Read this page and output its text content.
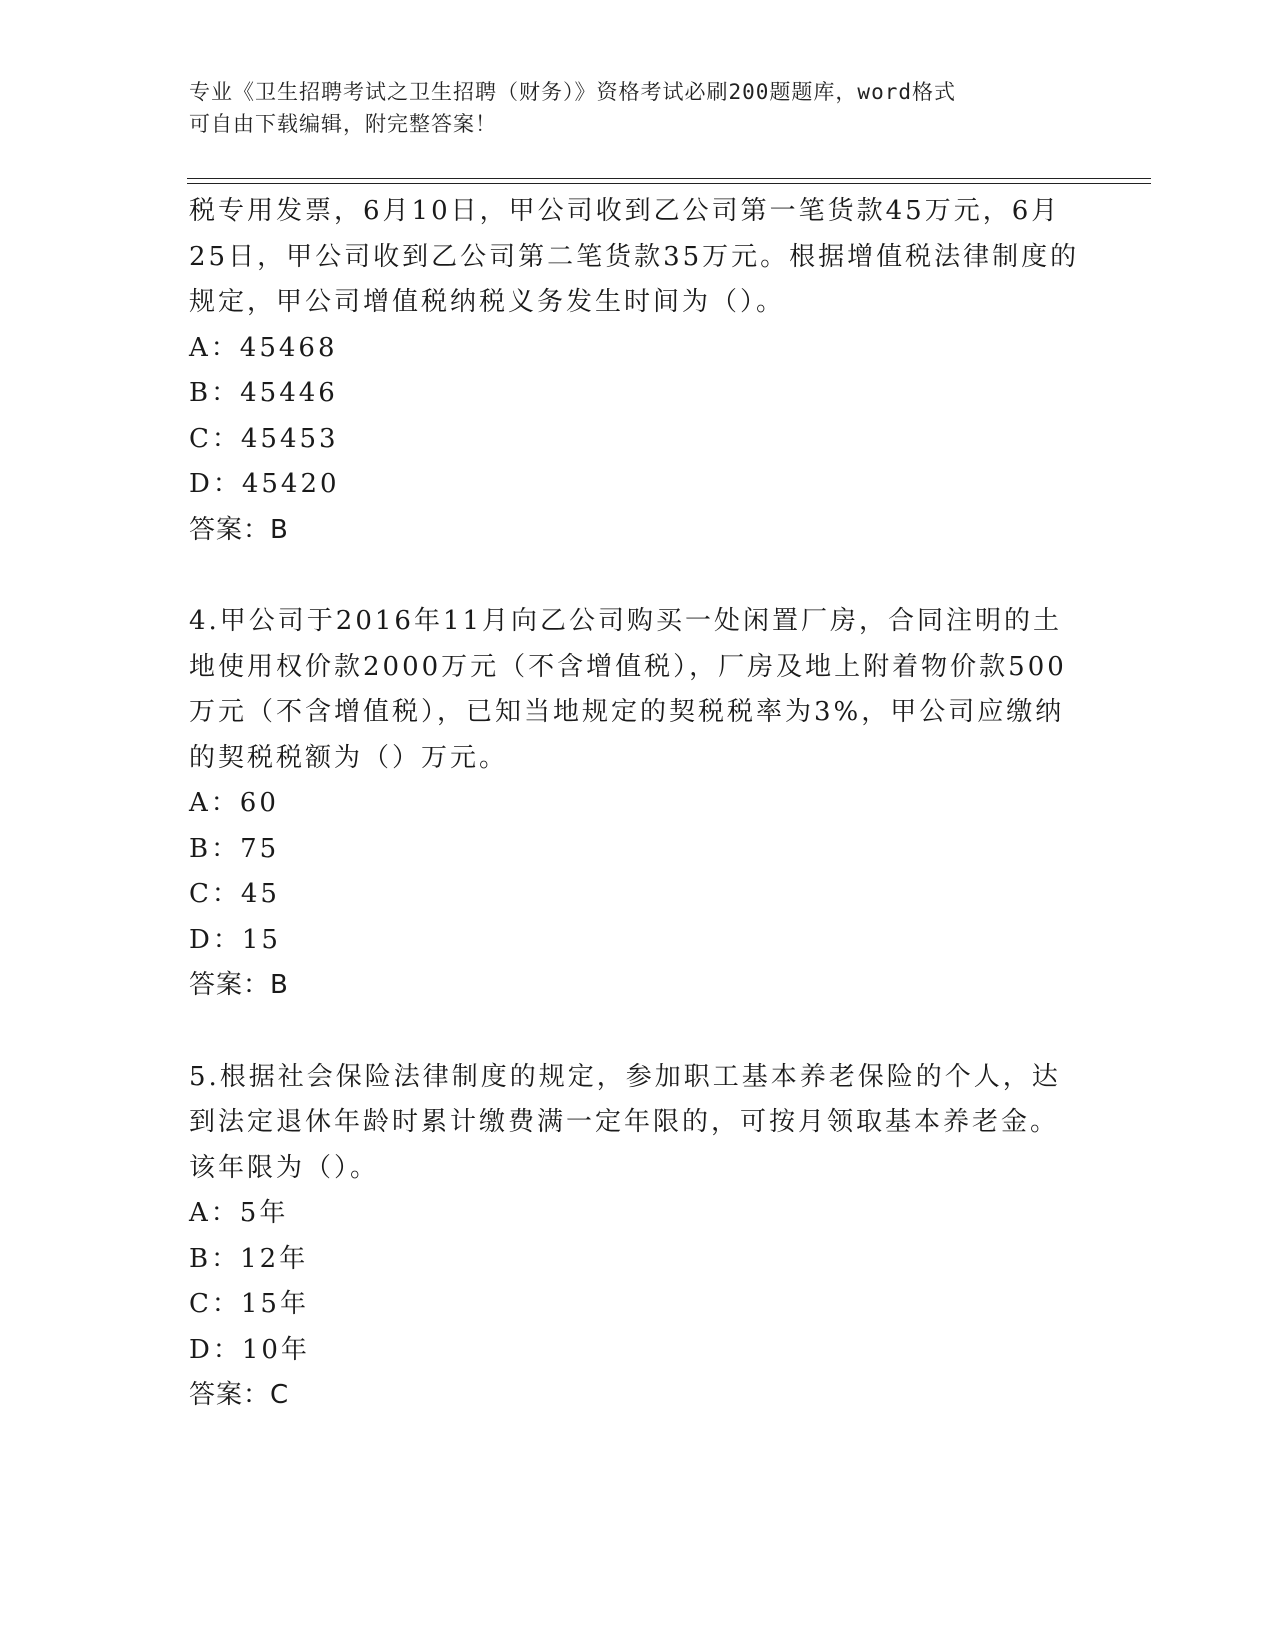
专业《卫生招聘考试之卫生招聘（财务）》资格考试必刷200题题库，word格式
可自由下载编辑，附完整答案！

税专用发票，6月10日，甲公司收到乙公司第一笔货款45万元，6月

25日，甲公司收到乙公司第二笔货款35万元。根据增值税法律制度的

规定，甲公司增值税纳税义务发生时间为（）。

A：45468

B：45446

C：45453

D：45420

答案：B

4.甲公司于2016年11月向乙公司购买一处闲置厂房，合同注明的土

地使用权价款2000万元（不含增值税），厂房及地上附着物价款500

万元（不含增值税），已知当地规定的契税税率为3%，甲公司应缴纳

的契税税额为（）万元。

A：60

B：75

C：45

D：15

答案：B

5.根据社会保险法律制度的规定，参加职工基本养老保险的个人，达

到法定退休年龄时累计缴费满一定年限的，可按月领取基本养老金。

该年限为（）。

A：5年

B：12年

C：15年

D：10年

答案：C
